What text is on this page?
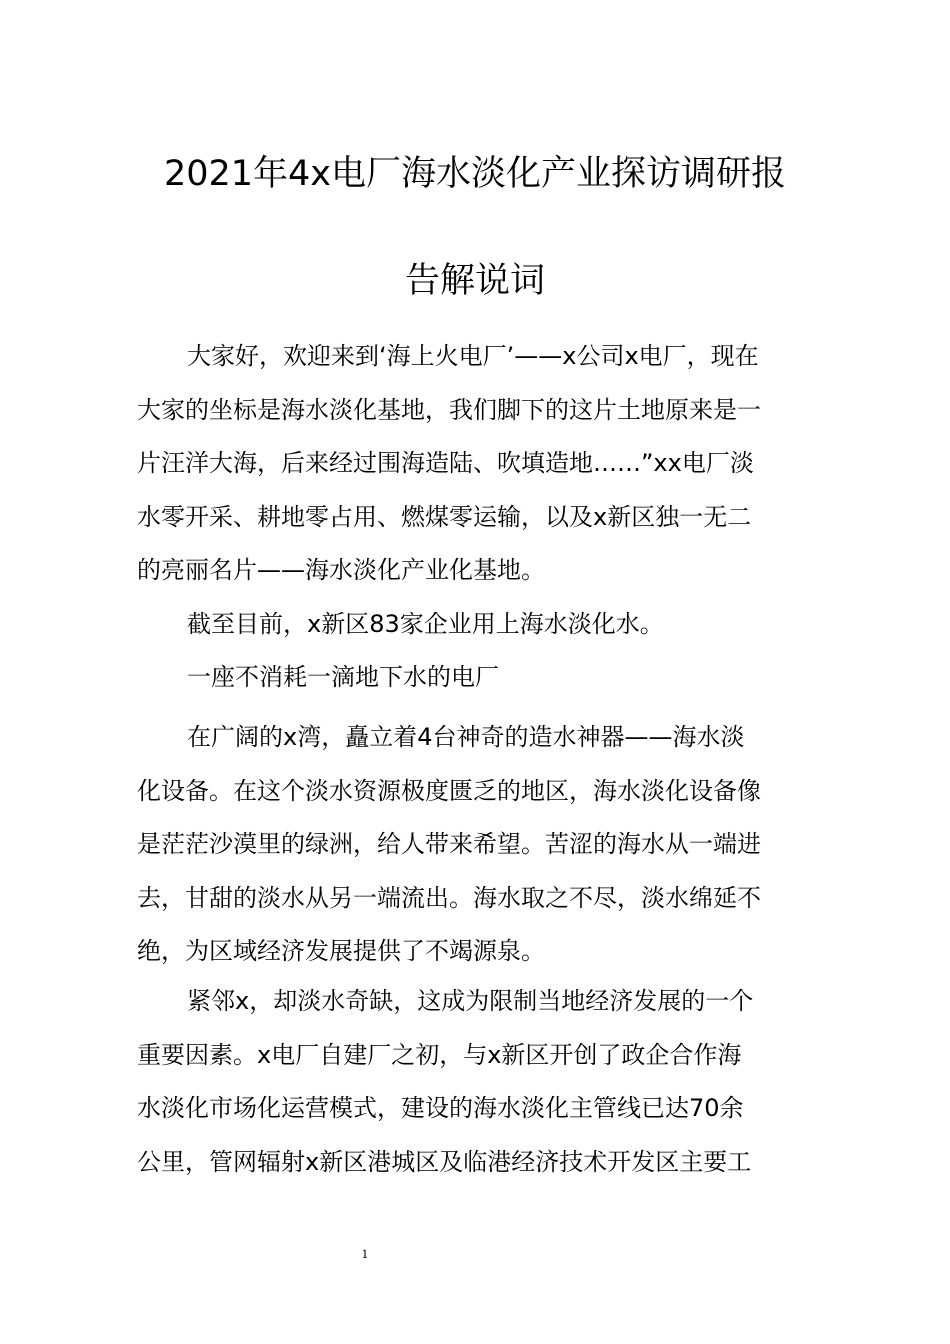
2021年4x电厂海水淡化产业探访调研报
告解说词
大家好，欢迎来到‘海上火电厂’——x公司x电厂，现在
大家的坐标是海水淡化基地，我们脚下的这片土地原来是一
片汪洋大海，后来经过围海造陆、吹填造地……”xx电厂淡
水零开采、耕地零占用、燃煤零运输，以及x新区独一无二
的亮丽名片——海水淡化产业化基地。
截至目前，x新区83家企业用上海水淡化水。
一座不消耗一滴地下水的电厂
在广阔的x湾，矗立着4台神奇的造水神器——海水淡
化设备。在这个淡水资源极度匮乏的地区，海水淡化设备像
是茫茫沙漠里的绿洲，给人带来希望。苦涩的海水从一端进
去，甘甜的淡水从另一端流出。海水取之不尽，淡水绵延不
绝，为区域经济发展提供了不竭源泉。
紧邻x，却淡水奇缺，这成为限制当地经济发展的一个
重要因素。x电厂自建厂之初，与x新区开创了政企合作海
水淡化市场化运营模式，建设的海水淡化主管线已达70余
公里，管网辐射x新区港城区及临港经济技术开发区主要工
1
